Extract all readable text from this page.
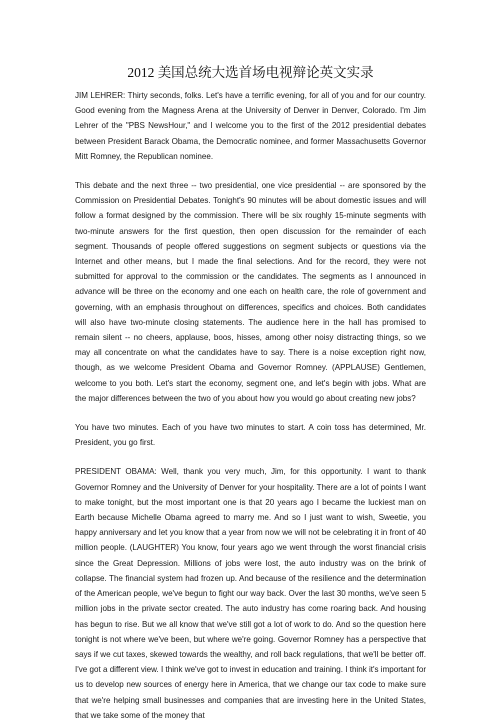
2012 美国总统大选首场电视辩论英文实录

JIM LEHRER: Thirty seconds, folks. Let's have a terrific evening, for all of you and for our country. Good evening from the Magness Arena at the University of Denver in Denver, Colorado. I'm Jim Lehrer of the "PBS NewsHour," and I welcome you to the first of the 2012 presidential debates between President Barack Obama, the Democratic nominee, and former Massachusetts Governor Mitt Romney, the Republican nominee.

This debate and the next three -- two presidential, one vice presidential -- are sponsored by the Commission on Presidential Debates. Tonight's 90 minutes will be about domestic issues and will follow a format designed by the commission. There will be six roughly 15-minute segments with two-minute answers for the first question, then open discussion for the remainder of each segment. Thousands of people offered suggestions on segment subjects or questions via the Internet and other means, but I made the final selections. And for the record, they were not submitted for approval to the commission or the candidates. The segments as I announced in advance will be three on the economy and one each on health care, the role of government and governing, with an emphasis throughout on differences, specifics and choices. Both candidates will also have two-minute closing statements. The audience here in the hall has promised to remain silent -- no cheers, applause, boos, hisses, among other noisy distracting things, so we may all concentrate on what the candidates have to say. There is a noise exception right now, though, as we welcome President Obama and Governor Romney. (APPLAUSE) Gentlemen, welcome to you both. Let's start the economy, segment one, and let's begin with jobs. What are the major differences between the two of you about how you would go about creating new jobs?

You have two minutes. Each of you have two minutes to start. A coin toss has determined, Mr. President, you go first.

PRESIDENT OBAMA: Well, thank you very much, Jim, for this opportunity. I want to thank Governor Romney and the University of Denver for your hospitality. There are a lot of points I want to make tonight, but the most important one is that 20 years ago I became the luckiest man on Earth because Michelle Obama agreed to marry me. And so I just want to wish, Sweetie, you happy anniversary and let you know that a year from now we will not be celebrating it in front of 40 million people. (LAUGHTER) You know, four years ago we went through the worst financial crisis since the Great Depression. Millions of jobs were lost, the auto industry was on the brink of collapse. The financial system had frozen up. And because of the resilience and the determination of the American people, we've begun to fight our way back. Over the last 30 months, we've seen 5 million jobs in the private sector created. The auto industry has come roaring back. And housing has begun to rise. But we all know that we've still got a lot of work to do. And so the question here tonight is not where we've been, but where we're going. Governor Romney has a perspective that says if we cut taxes, skewed towards the wealthy, and roll back regulations, that we'll be better off. I've got a different view. I think we've got to invest in education and training. I think it's important for us to develop new sources of energy here in America, that we change our tax code to make sure that we're helping small businesses and companies that are investing here in the United States, that we take some of the money that
